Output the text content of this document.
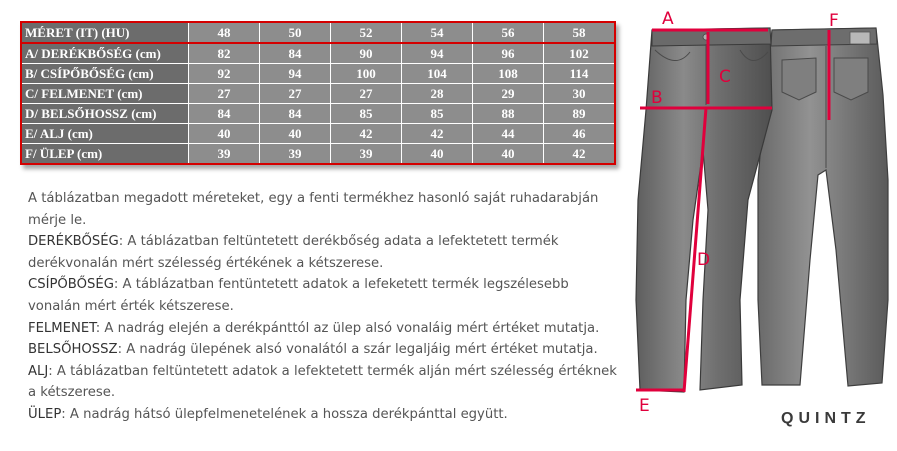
MÉRET (IT) (HU)	48	50	52	54	56	58
A/ DERÉKBŐSÉG (cm)	82	84	90	94	96	102
B/ CSÍPŐBŐSÉG (cm)	92	94	100	104	108	114
C/ FELMENET (cm)	27	27	27	28	29	30
D/ BELSŐHOSSZ (cm)	84	84	85	85	88	89
E/ ALJ (cm)	40	40	42	42	44	46
F/ ÜLEP (cm)	39	39	39	40	40	42

A táblázatban megadott méreteket, egy a fenti termékhez hasonló saját ruhadarabján mérje le.

DERÉKBŐSÉG: A táblázatban feltüntetett derékbőség adata a lefektetett termék derékvonalán mért szélesség értékének a kétszerese.

CSÍPŐBŐSÉG: A táblázatban fentüntetett adatok a lefeketett termék legszélesebb vonalán mért érték kétszerese.

FELMENET: A nadrág elején a derékpánttól az ülep alsó vonaláig mért értéket mutatja.

BELSŐHOSSZ: A nadrág ülepének alsó vonalától a szár legaljáig mért értéket mutatja.

ALJ: A táblázatban feltüntetett adatok a lefektetett termék alján mért szélesség értéknek a kétszerese.

ÜLEP: A nadrág hátsó ülepfelmenetelének a hossza derékpánttal együtt.

A
B
C
D
E
F
QUINTZ
